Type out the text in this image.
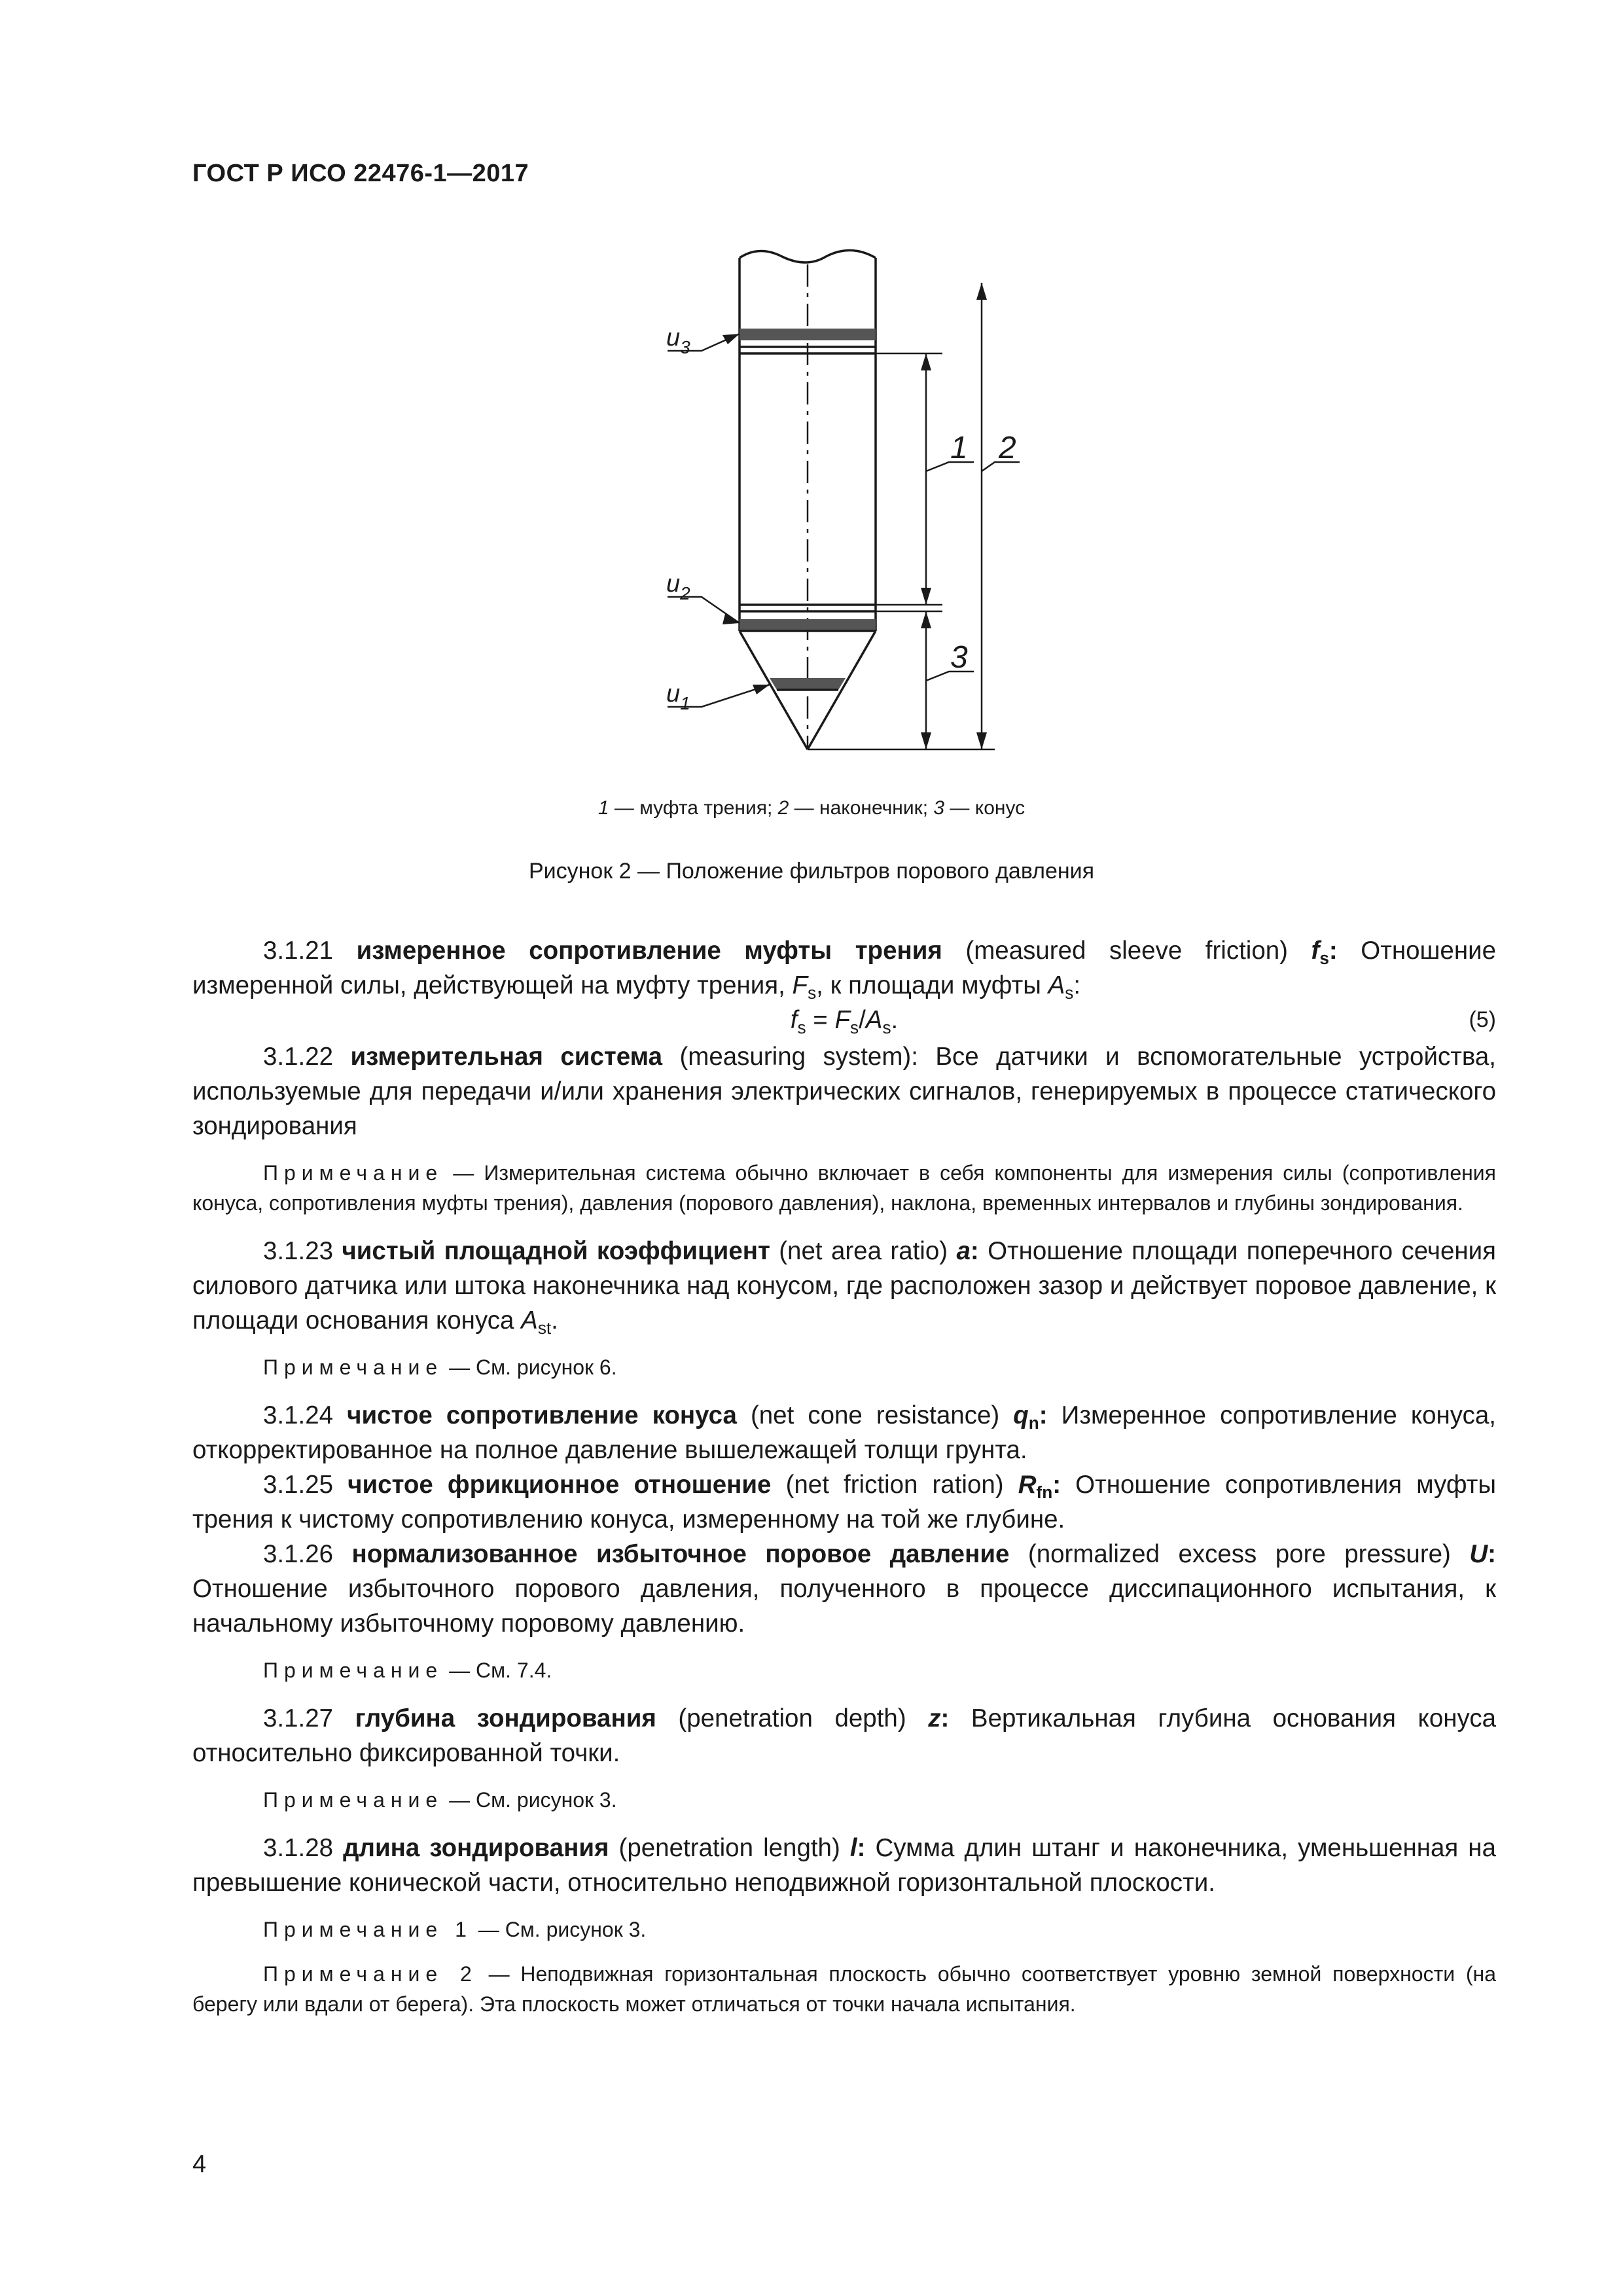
ГОСТ Р ИСО 22476-1—2017
$u_3$
$u_2$
$u_1$
1 2
3
1 — муфта трения; 2 — наконечник; 3 — конус
Рисунок 2 — Положение фильтров порового давления

3.1.21 измеренное сопротивление муфты трения (measured sleeve friction) $f_s$: Отношение измеренной силы, действующей на муфту трения, $F_s$, к площади муфты $A_s$:

$f_s = F_s/A_s$.	(5)

3.1.22 измерительная система (measuring system): Все датчики и вспомогательные устройства, используемые для передачи и/или хранения электрических сигналов, генерируемых в процессе статического зондирования

Примечание — Измерительная система обычно включает в себя компоненты для измерения силы (сопротивления конуса, сопротивления муфты трения), давления (порового давления), наклона, временных интервалов и глубины зондирования.

3.1.23 чистый площадной коэффициент (net area ratio) a: Отношение площади поперечного сечения силового датчика или штока наконечника над конусом, где расположен зазор и действует поровое давление, к площади основания конуса $A_{st}$.

Примечание — См. рисунок 6.

3.1.24 чистое сопротивление конуса (net cone resistance) $q_n$: Измеренное сопротивление конуса, откорректированное на полное давление вышележащей толщи грунта.

3.1.25 чистое фрикционное отношение (net friction ration) $R_{fn}$: Отношение сопротивления муфты трения к чистому сопротивлению конуса, измеренному на той же глубине.

3.1.26 нормализованное избыточное поровое давление (normalized excess pore pressure) U: Отношение избыточного порового давления, полученного в процессе диссипационного испытания, к начальному избыточному поровому давлению.

Примечание — См. 7.4.

3.1.27 глубина зондирования (penetration depth) z: Вертикальная глубина основания конуса относительно фиксированной точки.

Примечание — См. рисунок 3.

3.1.28 длина зондирования (penetration length) l: Сумма длин штанг и наконечника, уменьшенная на превышение конической части, относительно неподвижной горизонтальной плоскости.

Примечание 1 — См. рисунок 3.

Примечание 2 — Неподвижная горизонтальная плоскость обычно соответствует уровню земной поверхности (на берегу или вдали от берега). Эта плоскость может отличаться от точки начала испытания.

4
